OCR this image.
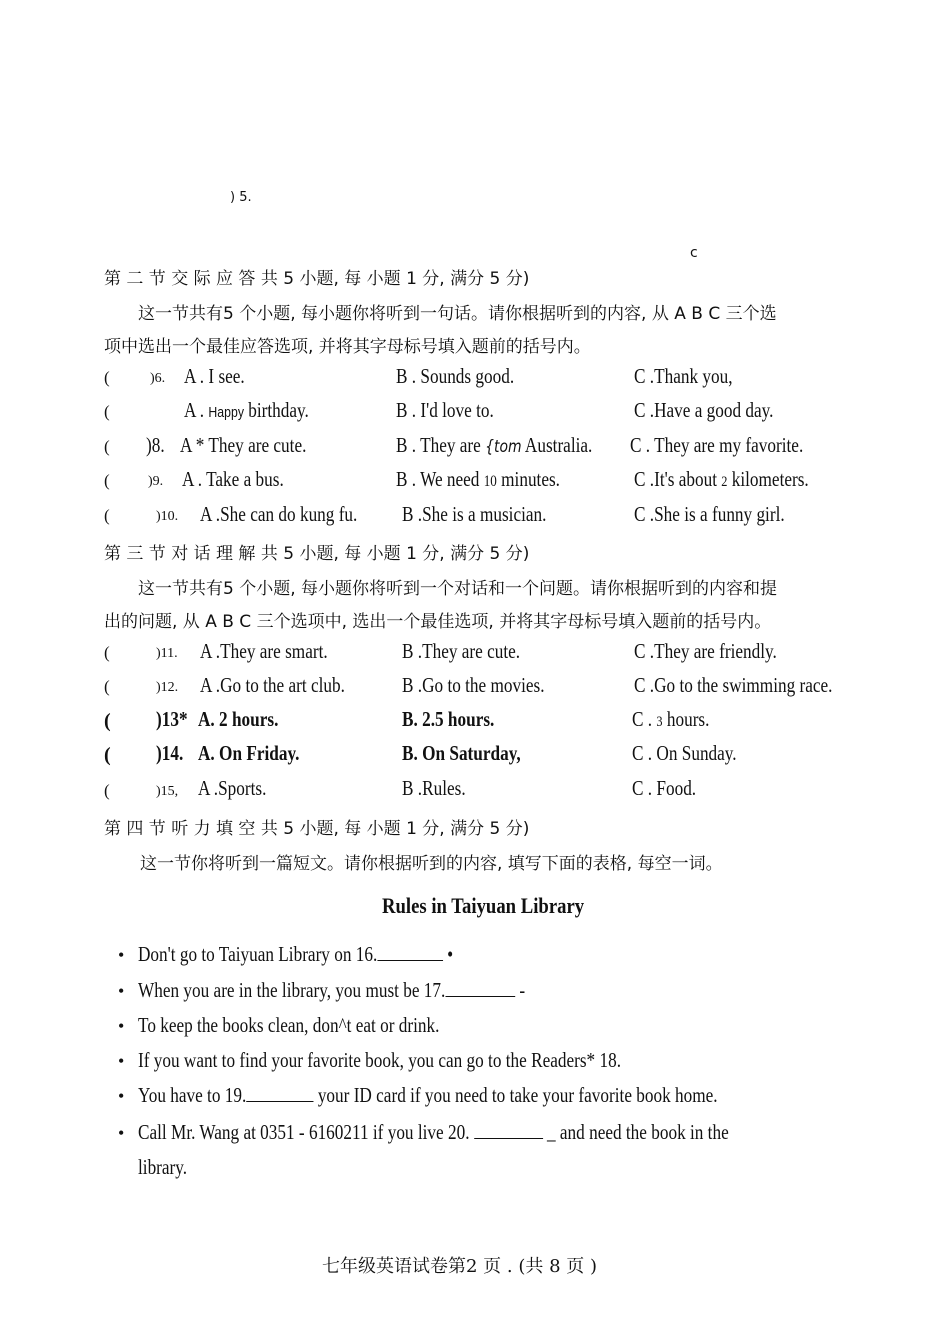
) 5.
c
第 二 节 交 际 应 答 共 5 小题, 每 小题 1 分, 满分 5 分)
这一节共有5 个小题, 每小题你将听到一句话。请你根据听到的内容, 从 A B C 三个选
项中选出一个最佳应答选项, 并将其字母标号填入题前的括号内。
(	)6. A . I see.	B . Sounds good.	C .Thank you,
(	A . Happy birthday.	B . I'd love to.	C .Have a good day.
( )8. A * They are cute.	B . They are {tom Australia. C . They are my favorite.
(	)9. A . Take a bus.	B . We need 10 minutes.	C .It's about 2 kilometers.
(	)10. A .She can do kung fu. B .She is a musician.	C .She is a funny girl.
第 三 节 对 话 理 解 共 5 小题, 每 小题 1 分, 满分 5 分)
这一节共有5 个小题, 每小题你将听到一个对话和一个问题。请你根据听到的内容和提
出的问题, 从 A B C 三个选项中, 选出一个最佳选项, 并将其字母标号填入题前的括号内。
(	)11. A .They are smart.	B .They are cute.	C .They are friendly.
(	)12. A .Go to the art club.	B .Go to the movies.	C .Go to the swimming race.
( )13* A. 2 hours.	B. 2.5 hours.	C . 3 hours.
( )14. A. On Friday.	B. On Saturday,	C . On Sunday.
(	)15, A .Sports.	B .Rules.	C . Food.
第 四 节 听 力 填 空 共 5 小题, 每 小题 1 分, 满分 5 分)
这一节你将听到一篇短文。请你根据听到的内容, 填写下面的表格, 每空一词。
Rules in Taiyuan Library
• Don't go to Taiyuan Library on 16.	•
• When you are in the library, you must be 17.	-
• To keep the books clean, don^t eat or drink.
• If you want to find your favorite book, you can go to the Readers* 18.
• You have to 19.	your ID card if you need to take your favorite book home.
• Call Mr. Wang at 0351 - 6160211 if you live 20.	_ and need the book in the
library.
七年级英语试卷第2 页 . (共 8 页 )
